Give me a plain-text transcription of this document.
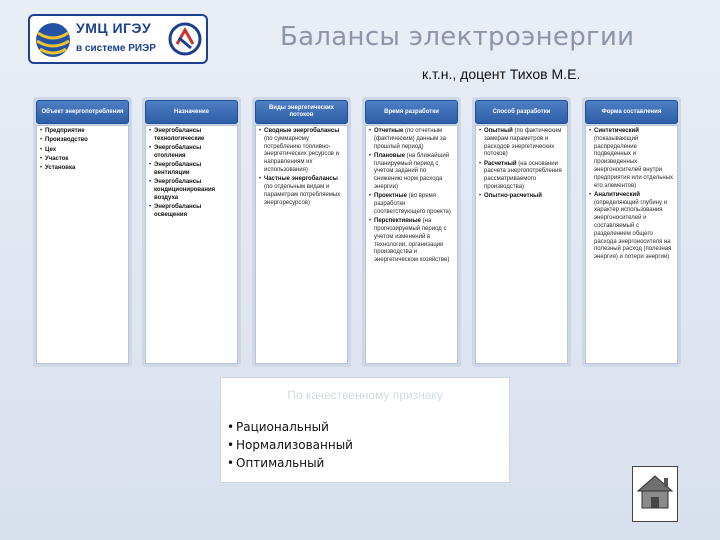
УМЦ ИГЭУ
в системе РИЭР	Балансы электроэнергии
к.т.н., доцент Тихов М.Е.
Объект энергопотребления
• Предприятие
• Производство
• Цех
• Участок
• Установка
Назначение
• Энергобалансы технологические
• Энергобалансы отопления
• Энергобалансы вентиляции
• Энергобалансы кондиционирования воздуха
• Энергобалансы освещения
Виды энергетических потоков
• Сводные энергобалансы (по суммарному потреблению топливно-энергетических ресурсов и направлениям их использования)
• Частные энергобалансы (по отдельным видам и параметрам потребляемых энергоресурсов)
Время разработки
• Отчетные (по отчетным (фактическим) данным за прошлый период)
• Плановые (на ближайший планируемый период с учетом заданий по снижению норм расхода энергии)
• Проектные (во время разработки соответствующего проекта)
• Перспективные (на прогнозируемый период с учетом изменений в технологии, организации производства и энергетическом хозяйстве)
Способ разработки
• Опытный (по фактическим замерам параметров и расходов энергетических потоков)
• Расчетный (на основании расчета энергопотребления рассматриваемого производства)
• Опытно-расчетный
Форма составления
• Синтетический (показывающий распределение подведенных и произведенных энергоносителей внутри предприятия или отдельных его элементов)
• Аналитический (определяющий глубину и характер использования энергоносителей и составляемый с разделением общего расхода энергоносителя на полезный расход (полезная энергия) и потери энергии)
По качественному признаку
• Рациональный
• Нормализованный
• Оптимальный
